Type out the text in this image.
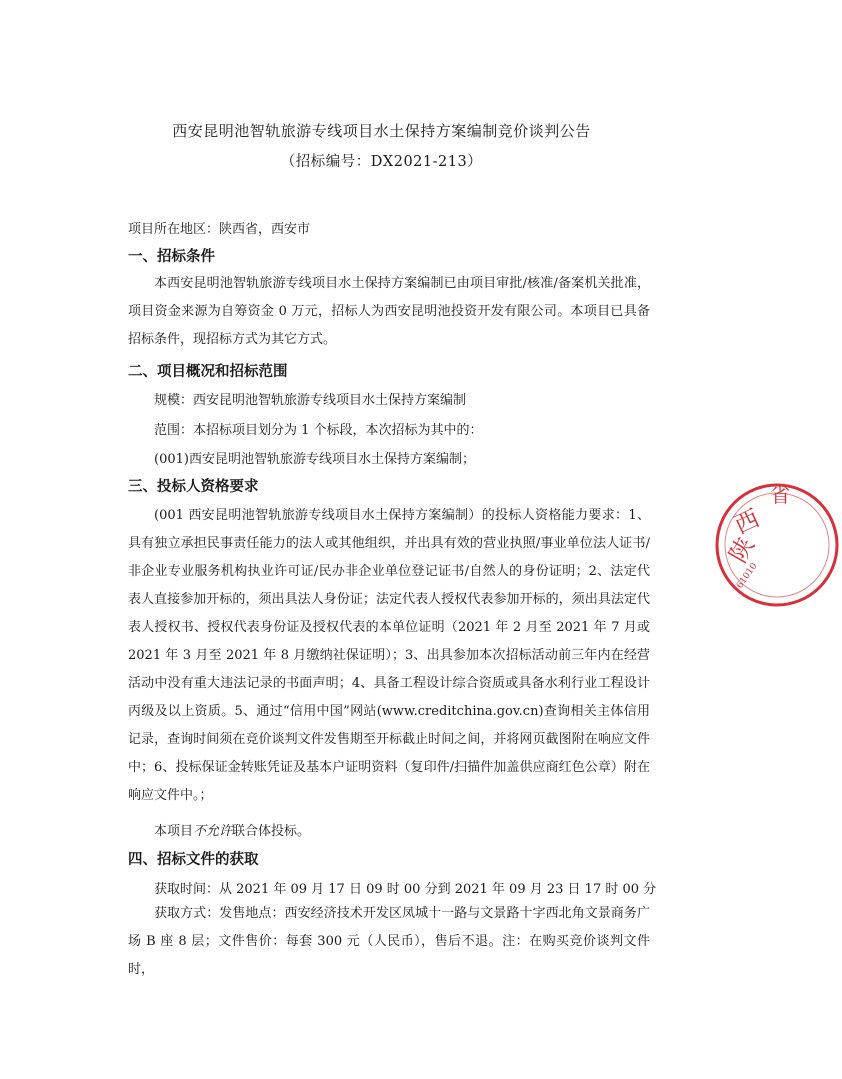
西安昆明池智轨旅游专线项目水土保持方案编制竞价谈判公告
（招标编号：DX2021-213）
项目所在地区：陕西省，西安市
一、招标条件
本西安昆明池智轨旅游专线项目水土保持方案编制已由项目审批/核准/备案机关批准，项目资金来源为自筹资金 0 万元，招标人为西安昆明池投资开发有限公司。本项目已具备招标条件，现招标方式为其它方式。
二、项目概况和招标范围
规模：西安昆明池智轨旅游专线项目水土保持方案编制
范围：本招标项目划分为 1 个标段，本次招标为其中的：
(001)西安昆明池智轨旅游专线项目水土保持方案编制；
三、投标人资格要求
(001 西安昆明池智轨旅游专线项目水土保持方案编制）的投标人资格能力要求：1、具有独立承担民事责任能力的法人或其他组织，并出具有效的营业执照/事业单位法人证书/非企业专业服务机构执业许可证/民办非企业单位登记证书/自然人的身份证明；2、法定代表人直接参加开标的，须出具法人身份证；法定代表人授权代表参加开标的，须出具法定代表人授权书、授权代表身份证及授权代表的本单位证明（2021 年 2 月至 2021 年 7 月或 2021 年 3 月至 2021 年 8 月缴纳社保证明）；3、出具参加本次招标活动前三年内在经营活动中没有重大违法记录的书面声明；4、具备工程设计综合资质或具备水利行业工程设计丙级及以上资质。5、通过“信用中国”网站(www.creditchina.gov.cn)查询相关主体信用记录，查询时间须在竞价谈判文件发售期至开标截止时间之间，并将网页截图附在响应文件中；6、投标保证金转账凭证及基本户证明资料（复印件/扫描件加盖供应商红色公章）附在响应文件中。；
本项目不允许联合体投标。
四、招标文件的获取
获取时间：从 2021 年 09 月 17 日 09 时 00 分到 2021 年 09 月 23 日 17 时 00 分
获取方式：发售地点：西安经济技术开发区凤城十一路与文景路十字西北角文景商务广场 B 座 8 层；文件售价：每套 300 元（人民币），售后不退。注：在购买竞价谈判文件时，
陕
西
省
61010
